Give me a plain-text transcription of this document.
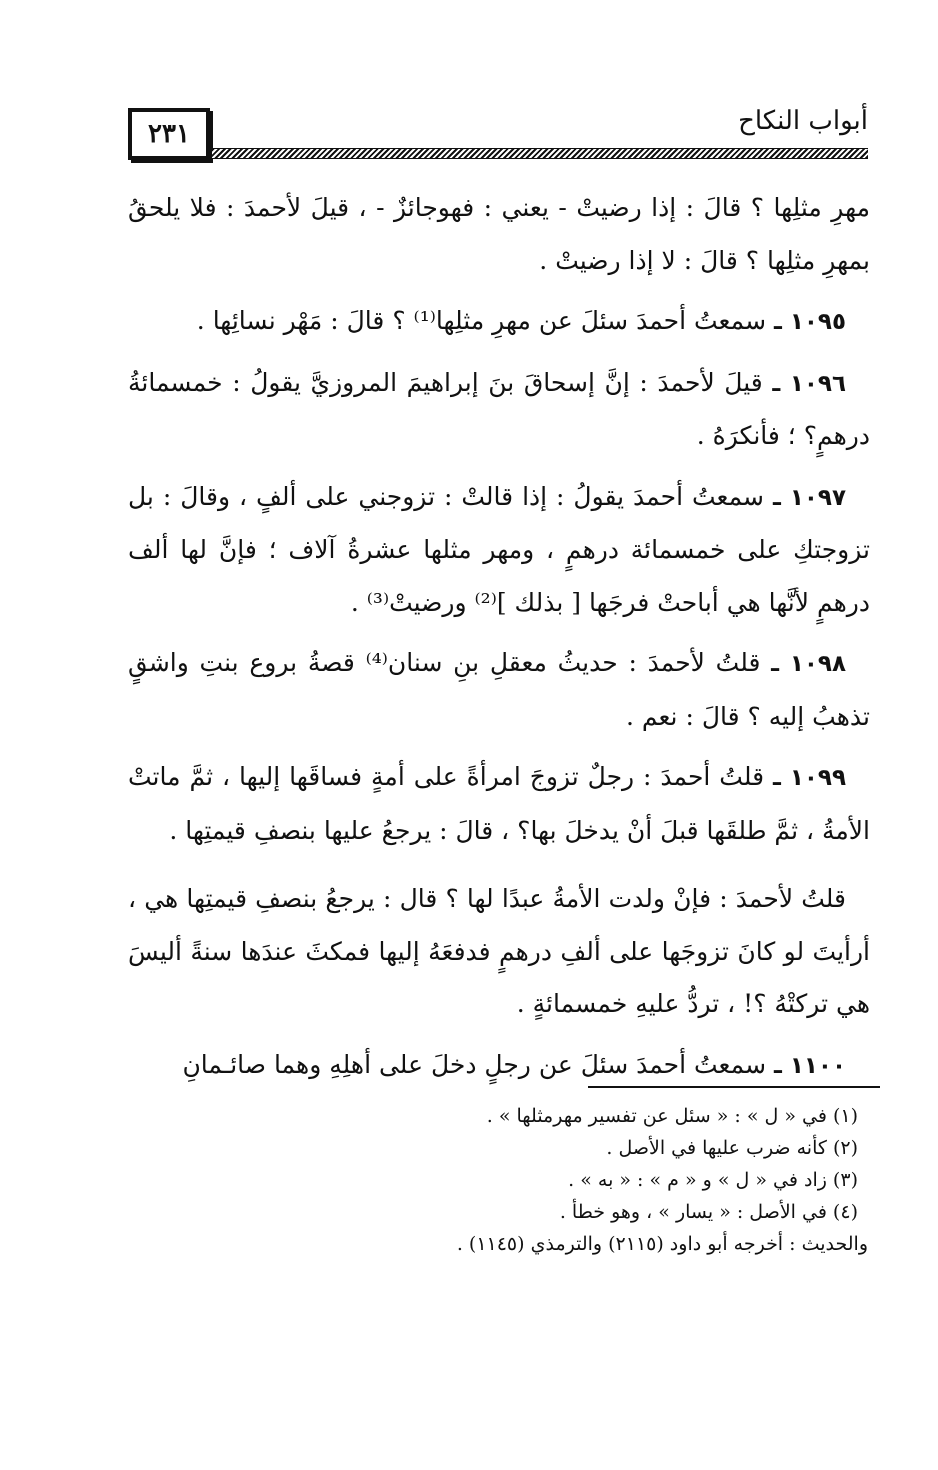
٢٣١	أبواب النكاح

مهرِ مثلِها ؟ قالَ : إذا رضيتْ - يعني : فهوجائزٌ - ، قيلَ لأحمدَ : فلا يلحقُ بمهرِ مثلِها ؟ قالَ : لا إذا رضيتْ .

١٠٩٥ ـ سمعتُ أحمدَ سئلَ عن مهرِ مثلِها⁽¹⁾ ؟ قالَ : مَهْر نسائِها .

١٠٩٦ ـ قيلَ لأحمدَ : إنَّ إسحاقَ بنَ إبراهيمَ المروزيَّ يقولُ : خمسمائةُ درهمٍ؟ ؛ فأنكرَهُ .

١٠٩٧ ـ سمعتُ أحمدَ يقولُ : إذا قالتْ : تزوجني على ألفٍ ، وقالَ : بل تزوجتكِ على خمسمائة درهمٍ ، ومهر مثلها عشرةُ آلاف ؛ فإنَّ لها ألف درهمٍ لأنَّها هي أباحتْ فرجَها [ بذلك ]⁽²⁾ ورضيتْ⁽³⁾ .

١٠٩٨ ـ قلتُ لأحمدَ : حديثُ معقلِ بنِ سنان⁽⁴⁾ قصةُ بروع بنتِ واشقٍ تذهبُ إليه ؟ قالَ : نعم .

١٠٩٩ ـ قلتُ أحمدَ : رجلٌ تزوجَ امرأةً على أمةٍ فساقَها إليها ، ثمَّ ماتتْ الأمةُ ، ثمَّ طلقَها قبلَ أنْ يدخلَ بها؟ ، قالَ : يرجعُ عليها بنصفِ قيمتِها .

قلتُ لأحمدَ : فإنْ ولدت الأمةُ عبدًا لها ؟ قال : يرجعُ بنصفِ قيمتِها هي ، أرأيتَ لو كانَ تزوجَها على ألفِ درهمٍ فدفعَهُ إليها فمكثَ عندَها سنةً أليسَ هي تركتْهُ ؟! ، تردُّ عليهِ خمسمائةٍ .

١١٠٠ ـ سمعتُ أحمدَ سئلَ عن رجلٍ دخلَ على أهلِهِ وهما صائـمانِ

(١) في « ل » : « سئل عن تفسير مهرمثلها » .

(٢) كأنه ضرب عليها في الأصل .

(٣) زاد في « ل » و « م » : « به » .

(٤) في الأصل : « يسار » ، وهو خطأ .

والحديث : أخرجه أبو داود (٢١١٥) والترمذي (١١٤٥) .
